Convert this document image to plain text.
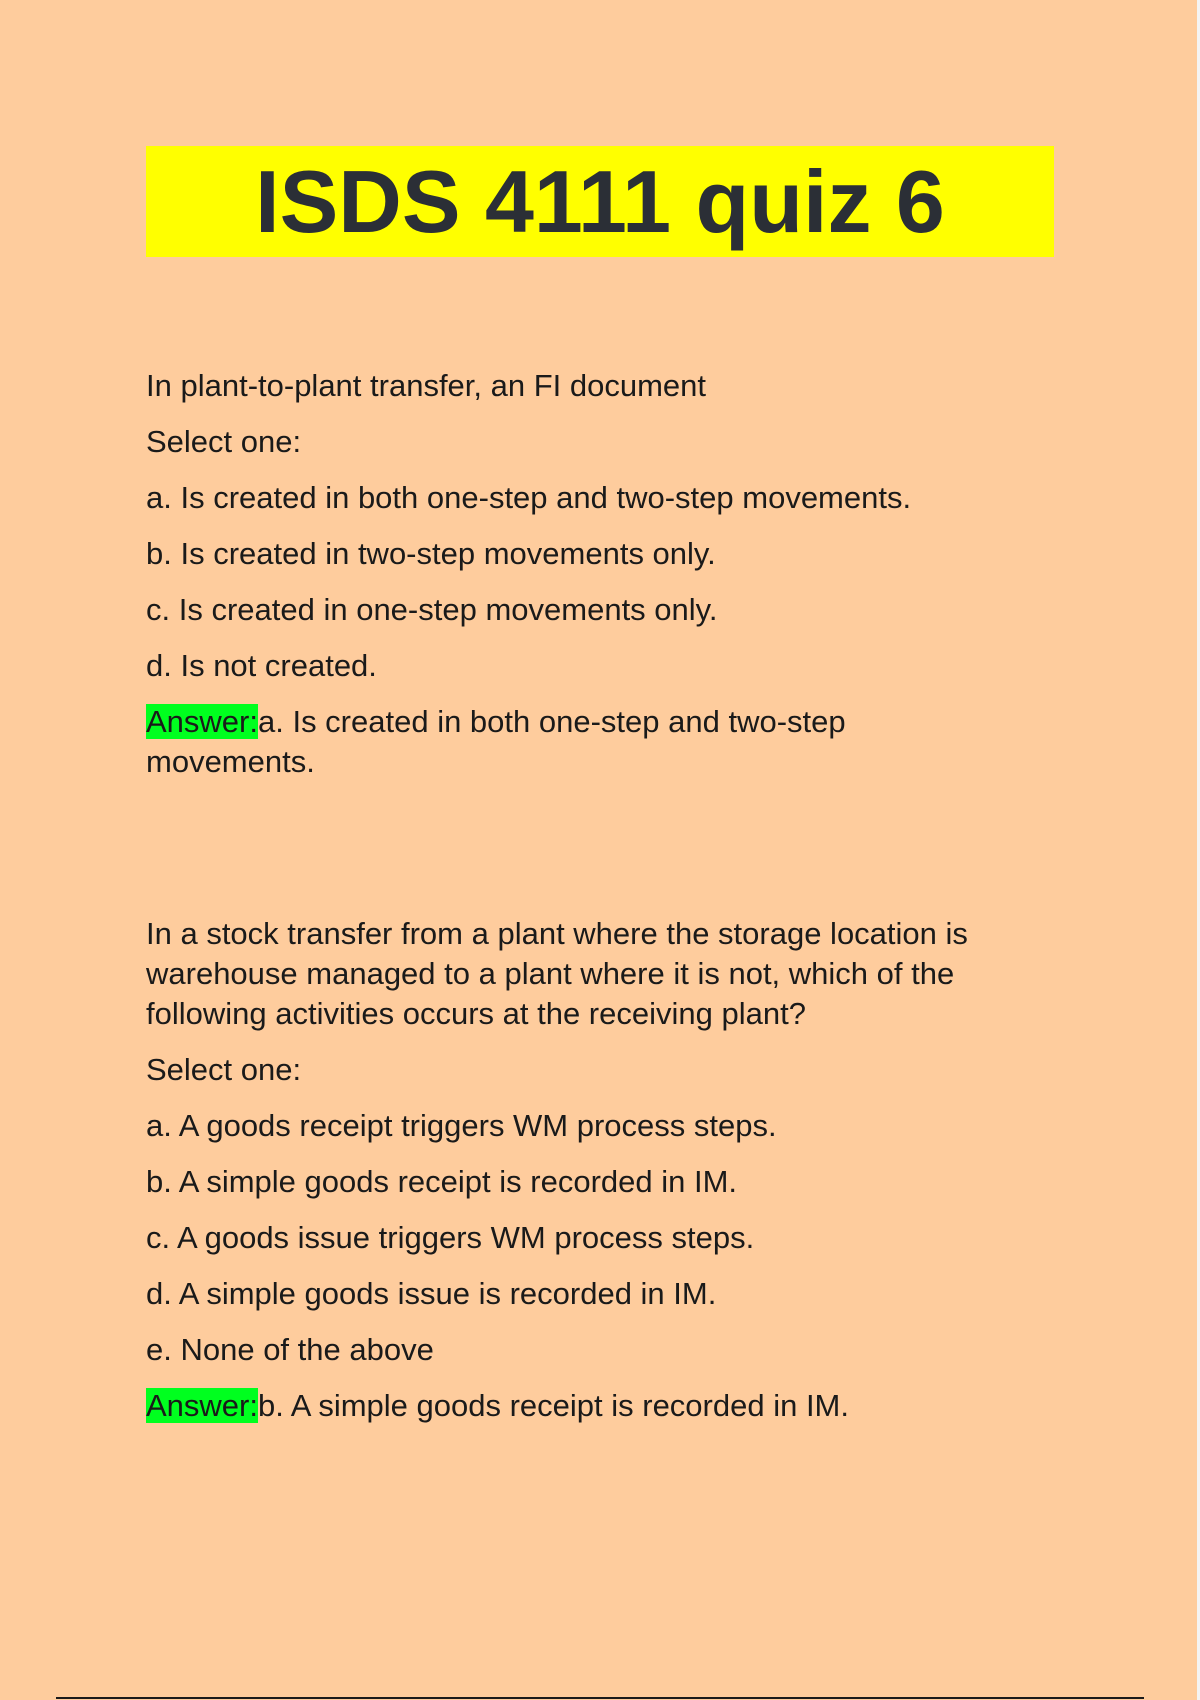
ISDS 4111 quiz 6

In plant-to-plant transfer, an FI document

Select one:

a. Is created in both one-step and two-step movements.

b. Is created in two-step movements only.

c. Is created in one-step movements only.

d. Is not created.

Answer:a. Is created in both one-step and two-step movements.

In a stock transfer from a plant where the storage location is warehouse managed to a plant where it is not, which of the following activities occurs at the receiving plant?

Select one:

a. A goods receipt triggers WM process steps.

b. A simple goods receipt is recorded in IM.

c. A goods issue triggers WM process steps.

d. A simple goods issue is recorded in IM.

e. None of the above

Answer:b. A simple goods receipt is recorded in IM.
